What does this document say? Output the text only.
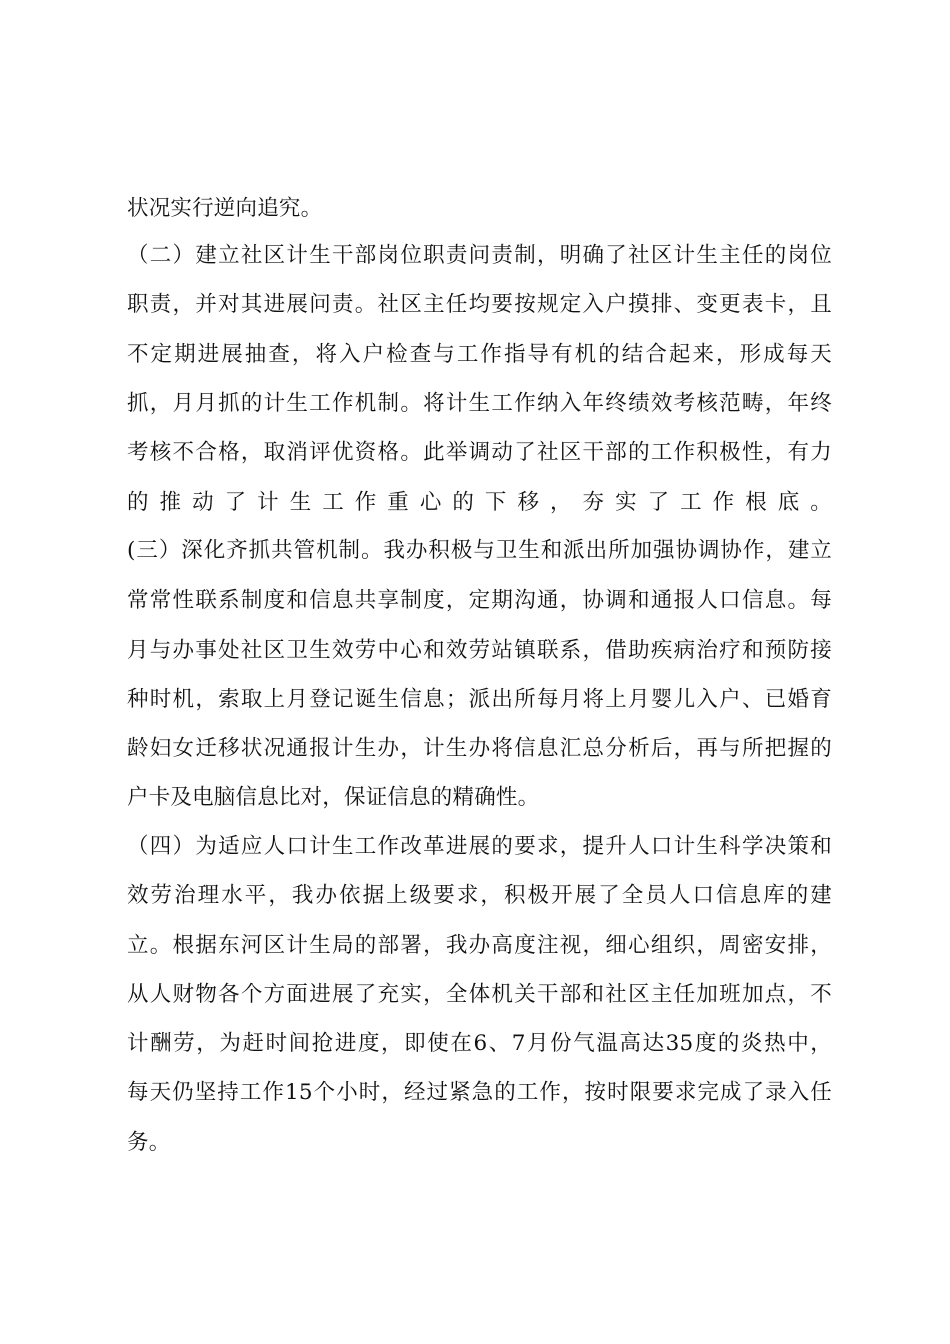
状况实行逆向追究。
（二）建立社区计生干部岗位职责问责制，明确了社区计生主任的岗位
职责，并对其进展问责。社区主任均要按规定入户摸排、变更表卡，且
不定期进展抽查，将入户检查与工作指导有机的结合起来，形成每天
抓，月月抓的计生工作机制。将计生工作纳入年终绩效考核范畴，年终
考核不合格，取消评优资格。此举调动了社区干部的工作积极性，有力
的推动了计生工作重心的下移，夯实了工作根底。
(三）深化齐抓共管机制。我办积极与卫生和派出所加强协调协作，建立
常常性联系制度和信息共享制度，定期沟通，协调和通报人口信息。每
月与办事处社区卫生效劳中心和效劳站镇联系，借助疾病治疗和预防接
种时机，索取上月登记诞生信息；派出所每月将上月婴儿入户、已婚育
龄妇女迁移状况通报计生办，计生办将信息汇总分析后，再与所把握的
户卡及电脑信息比对，保证信息的精确性。
（四）为适应人口计生工作改革进展的要求，提升人口计生科学决策和
效劳治理水平，我办依据上级要求，积极开展了全员人口信息库的建
立。根据东河区计生局的部署，我办高度注视，细心组织，周密安排，
从人财物各个方面进展了充实，全体机关干部和社区主任加班加点，不
计酬劳，为赶时间抢进度，即使在6、7月份气温高达35度的炎热中，
每天仍坚持工作15个小时，经过紧急的工作，按时限要求完成了录入任
务。
